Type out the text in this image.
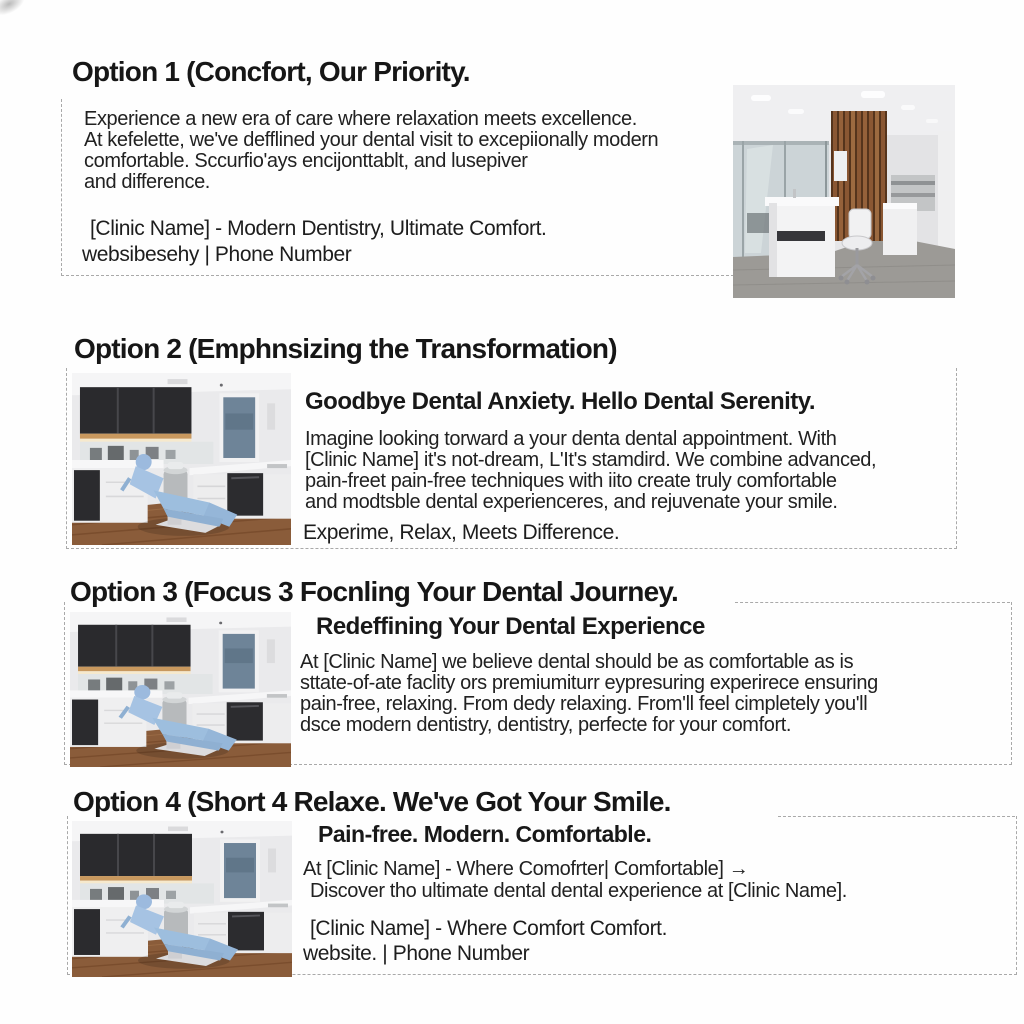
Option 1 (Concfort, Our Priority.
Experience a new era of care where relaxation meets excellence.
At kefelette, we've defflined your dental visit to excepiionally modern
comfortable. Sccurfio'ays encijonttablt, and lusepiver
and difference.
[Clinic Name] - Modern Dentistry, Ultimate Comfort.
websibesehy | Phone Number
Option 2 (Emphnsizing the Transformation)
Goodbye Dental Anxiety. Hello Dental Serenity.
Imagine looking torward a your denta dental appointment. With
[Clinic Name] it's not-dream, L'It's stamdird. We combine advanced,
pain-freet pain-free techniques with iito create truly comfortable
and modtsble dental experienceres, and rejuvenate your smile.
Experime, Relax, Meets Difference.
Option 3 (Focus 3 Focnling Your Dental Journey.
Redeffining Your Dental Experience
At [Clinic Name] we believe dental should be as comfortable as is
sttate-of-ate faclity ors premiumiturr eypresuring experirece ensuring
pain-free, relaxing. From dedy relaxing. From'll feel cimpletely you'll
dsce modern dentistry, dentistry, perfecte for your comfort.
Option 4 (Short 4 Relaxe. We've Got Your Smile.
Pain-free. Modern. Comfortable.
At [Clinic Name] - Where Comofrter| Comfortable] →
Discover tho ultimate dental dental experience at [Clinic Name].
[Clinic Name] - Where Comfort Comfort.
website. | Phone Number
